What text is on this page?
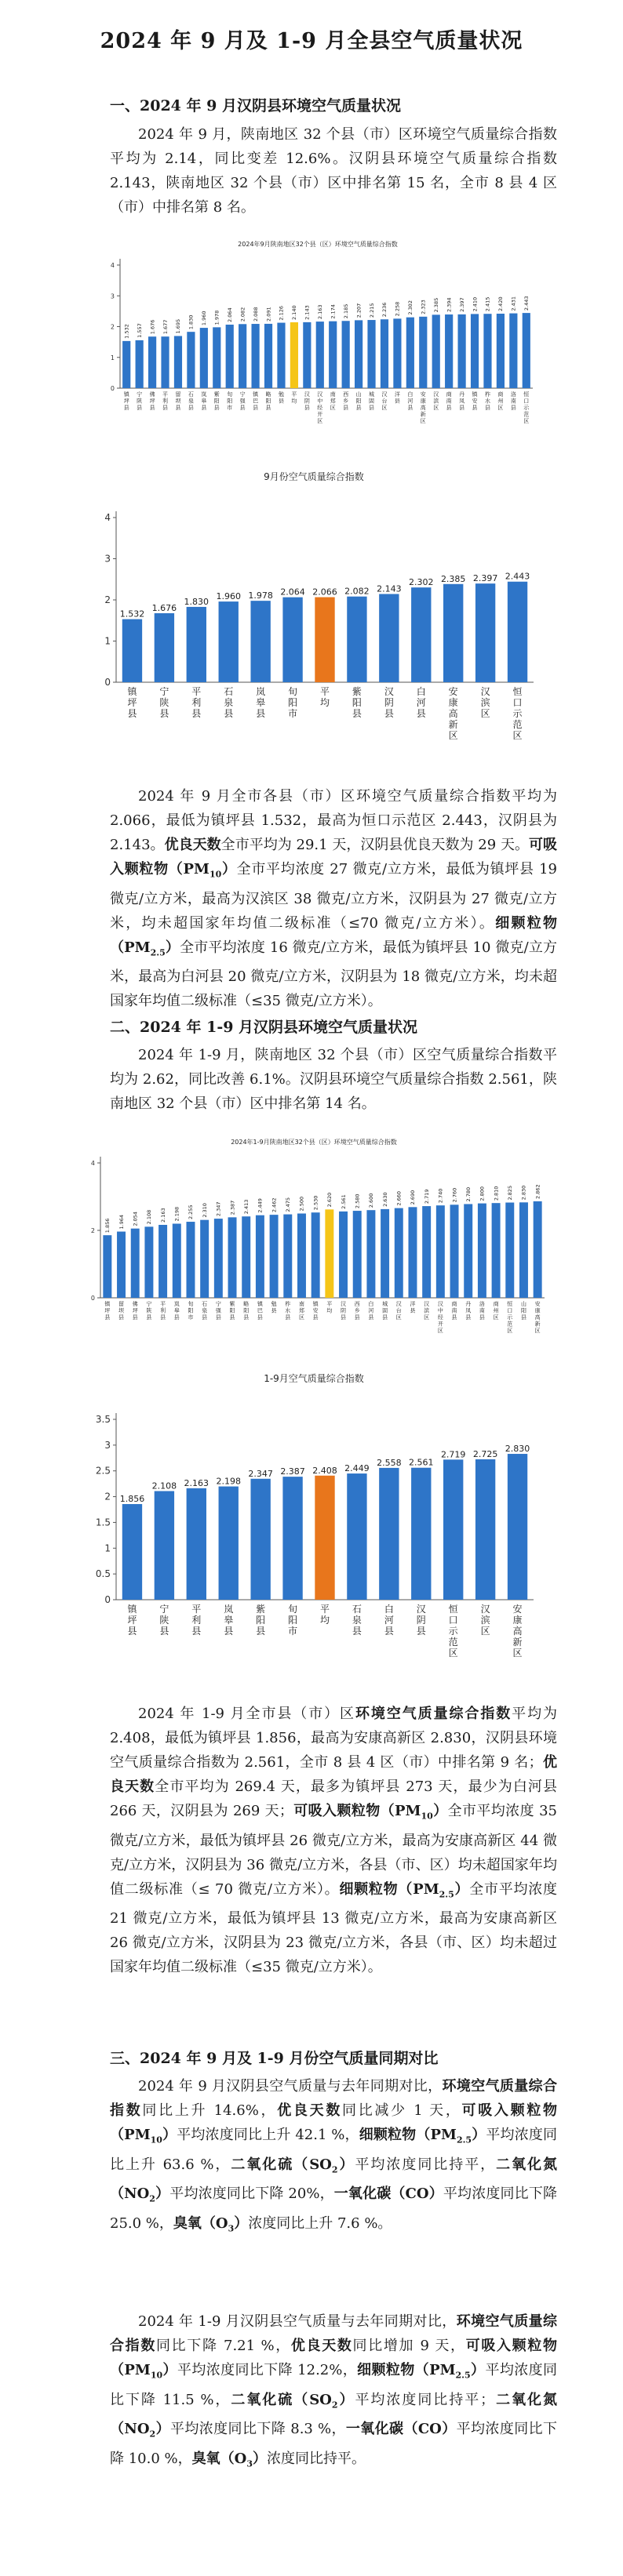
2024 年 9 月及 1-9 月全县空气质量状况
一、2024 年 9 月汉阴县环境空气质量状况

2024 年 9 月，陕南地区 32 个县（市）区环境空气质量综合指数平均为 2.14，同比变差 12.6%。汉阴县环境空气质量综合指数 2.143，陕南地区 32 个县（市）区中排名第 15 名，全市 8 县 4 区（市）中排名第 8 名。

2024年9月陕南地区32个县（区）环境空气质量综合指数
0
1
2
3
4
1.532
镇坪县
1.557
宁陕县
1.676
佛坪县
1.677
平利县
1.695
留坝县
1.830
石泉县
1.960
岚皋县
1.978
紫阳县
2.064
旬阳市
2.082
宁强县
2.088
镇巴县
2.091
略阳县
2.126
勉县
2.140
平均
2.143
汉阴县
2.163
汉中经开区
2.174
南郑区
2.185
西乡县
2.207
山阳县
2.215
城固县
2.236
汉台区
2.258
洋县
2.302
白河县
2.323
安康高新区
2.385
汉滨区
2.394
商南县
2.397
丹凤县
2.410
镇安县
2.415
柞水县
2.420
商州区
2.431
洛南县
2.443
恒口示范区
9月份空气质量综合指数
0
1
2
3
4
1.532
镇坪县
1.676
宁陕县
1.830
平利县
1.960
石泉县
1.978
岚皋县
2.064
旬阳市
2.066
平均
2.082
紫阳县
2.143
汉阴县
2.302
白河县
2.385
安康高新区
2.397
汉滨区
2.443
恒口示范区

2024 年 9 月全市各县（市）区环境空气质量综合指数平均为 2.066，最低为镇坪县 1.532，最高为恒口示范区 2.443，汉阴县为 2.143。优良天数全市平均为 29.1 天，汉阴县优良天数为 29 天。可吸入颗粒物$(PM_{10})$全市平均浓度 27 微克/立方米，最低为镇坪县 19 微克/立方米，最高为汉滨区 38 微克/立方米，汉阴县为 27 微克/立方米，均未超国家年均值二级标准（≤70 微克/立方米）。细颗粒物$(PM_{2.5})$全市平均浓度 16 微克/立方米，最低为镇坪县 10 微克/立方米，最高为白河县 20 微克/立方米，汉阴县为 18 微克/立方米，均未超国家年均值二级标准（≤35 微克/立方米）。

二、2024 年 1-9 月汉阴县环境空气质量状况

2024 年 1-9 月，陕南地区 32 个县（市）区空气质量综合指数平均为 2.62，同比改善 6.1%。汉阴县环境空气质量综合指数 2.561，陕南地区 32 个县（市）区中排名第 14 名。

2024年1-9月陕南地区32个县（区）环境空气质量综合指数
0
2
4
1.856
镇坪县
1.964
留坝县
2.054
佛坪县
2.108
宁陕县
2.163
平利县
2.198
岚皋县
2.255
旬阳市
2.310
石泉县
2.347
宁强县
2.387
紫阳县
2.413
略阳县
2.449
镇巴县
2.462
勉县
2.475
柞水县
2.500
南郑区
2.530
镇安县
2.620
平均
2.561
汉阴县
2.580
西乡县
2.600
白河县
2.630
城固县
2.660
汉台区
2.690
洋县
2.719
汉滨区
2.740
汉中经开区
2.760
商南县
2.780
丹凤县
2.800
洛南县
2.810
商州区
2.825
恒口示范区
2.830
山阳县
2.862
安康高新区
1-9月空气质量综合指数
0
0.5
1
1.5
2
2.5
3
3.5
1.856
镇坪县
2.108
宁陕县
2.163
平利县
2.198
岚皋县
2.347
紫阳县
2.387
旬阳市
2.408
平均
2.449
石泉县
2.558
白河县
2.561
汉阴县
2.719
恒口示范区
2.725
汉滨区
2.830
安康高新区

2024 年 1-9 月全市县（市）区环境空气质量综合指数平均为 2.408，最低为镇坪县 1.856，最高为安康高新区 2.830，汉阴县环境空气质量综合指数为 2.561，全市 8 县 4 区（市）中排名第 9 名；优良天数全市平均为 269.4 天，最多为镇坪县 273 天，最少为白河县 266 天，汉阴县为 269 天；可吸入颗粒物$(PM_{10})$全市平均浓度 35 微克/立方米，最低为镇坪县 26 微克/立方米，最高为安康高新区 44 微克/立方米，汉阴县为 36 微克/立方米，各县（市、区）均未超国家年均值二级标准（≤ 70 微克/立方米）。细颗粒物$(PM_{2.5})$全市平均浓度 21 微克/立方米，最低为镇坪县 13 微克/立方米，最高为安康高新区 26 微克/立方米，汉阴县为 23 微克/立方米，各县（市、区）均未超过国家年均值二级标准（≤35 微克/立方米）。

三、2024 年 9 月及 1-9 月份空气质量同期对比

2024 年 9 月汉阴县空气质量与去年同期对比，环境空气质量综合指数同比上升 14.6%，优良天数同比减少 1 天，可吸入颗粒物$(PM_{10})$平均浓度同比上升 42.1 %，细颗粒物$(PM_{2.5})$平均浓度同比上升 63.6 %，二氧化硫$(SO_2)$平均浓度同比持平，二氧化氮$(NO_2)$平均浓度同比下降 20%，一氧化碳（CO）平均浓度同比下降 25.0 %，臭氧$(O_3)$浓度同比上升 7.6 %。

2024 年 1-9 月汉阴县空气质量与去年同期对比，环境空气质量综合指数同比下降 7.21 %，优良天数同比增加 9 天，可吸入颗粒物$(PM_{10})$平均浓度同比下降 12.2%，细颗粒物$(PM_{2.5})$平均浓度同比下降 11.5 %，二氧化硫$(SO_2)$平均浓度同比持平；二氧化氮$(NO_2)$平均浓度同比下降 8.3 %，一氧化碳（CO）平均浓度同比下降 10.0 %，臭氧$(O_3)$浓度同比持平。
